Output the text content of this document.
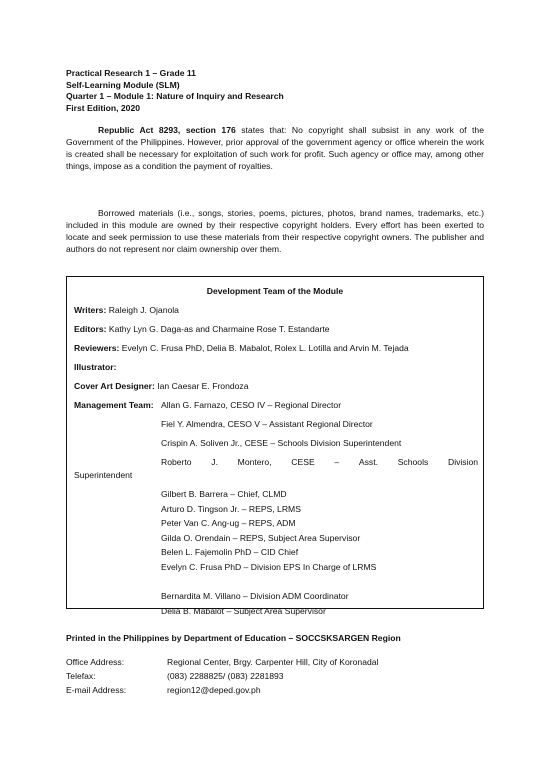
Practical Research 1 – Grade 11
Self-Learning Module (SLM)
Quarter 1 – Module 1: Nature of Inquiry and Research
First Edition, 2020
Republic Act 8293, section 176 states that: No copyright shall subsist in any work of the Government of the Philippines. However, prior approval of the government agency or office wherein the work is created shall be necessary for exploitation of such work for profit. Such agency or office may, among other things, impose as a condition the payment of royalties.
Borrowed materials (i.e., songs, stories, poems, pictures, photos, brand names, trademarks, etc.) included in this module are owned by their respective copyright holders. Every effort has been exerted to locate and seek permission to use these materials from their respective copyright owners. The publisher and authors do not represent nor claim ownership over them.
Development Team of the Module
Writers: Raleigh J. Ojanola
Editors: Kathy Lyn G. Daga-as and Charmaine Rose T. Estandarte
Reviewers: Evelyn C. Frusa PhD, Delia B. Mabalot, Rolex L. Lotilla and Arvin M. Tejada
Illustrator:
Cover Art Designer: Ian Caesar E. Frondoza
Management Team: Allan G. Farnazo, CESO IV – Regional Director
Fiel Y. Almendra, CESO V – Assistant Regional Director
Crispin A. Soliven Jr., CESE – Schools Division Superintendent
Roberto J. Montero, CESE – Asst. Schools Division
Superintendent
Gilbert B. Barrera – Chief, CLMD
Arturo D. Tingson Jr. – REPS, LRMS
Peter Van C. Ang-ug – REPS, ADM
Gilda O. Orendain – REPS, Subject Area Supervisor
Belen L. Fajemolin PhD – CID Chief
Evelyn C. Frusa PhD – Division EPS In Charge of LRMS
Bernardita M. Villano – Division ADM Coordinator
Delia B. Mabalot – Subject Area Supervisor
Printed in the Philippines by Department of Education – SOCCSKSARGEN Region
Office Address:	Regional Center, Brgy. Carpenter Hill, City of Koronadal
Telefax:	(083) 2288825/ (083) 2281893
E-mail Address:	region12@deped.gov.ph
